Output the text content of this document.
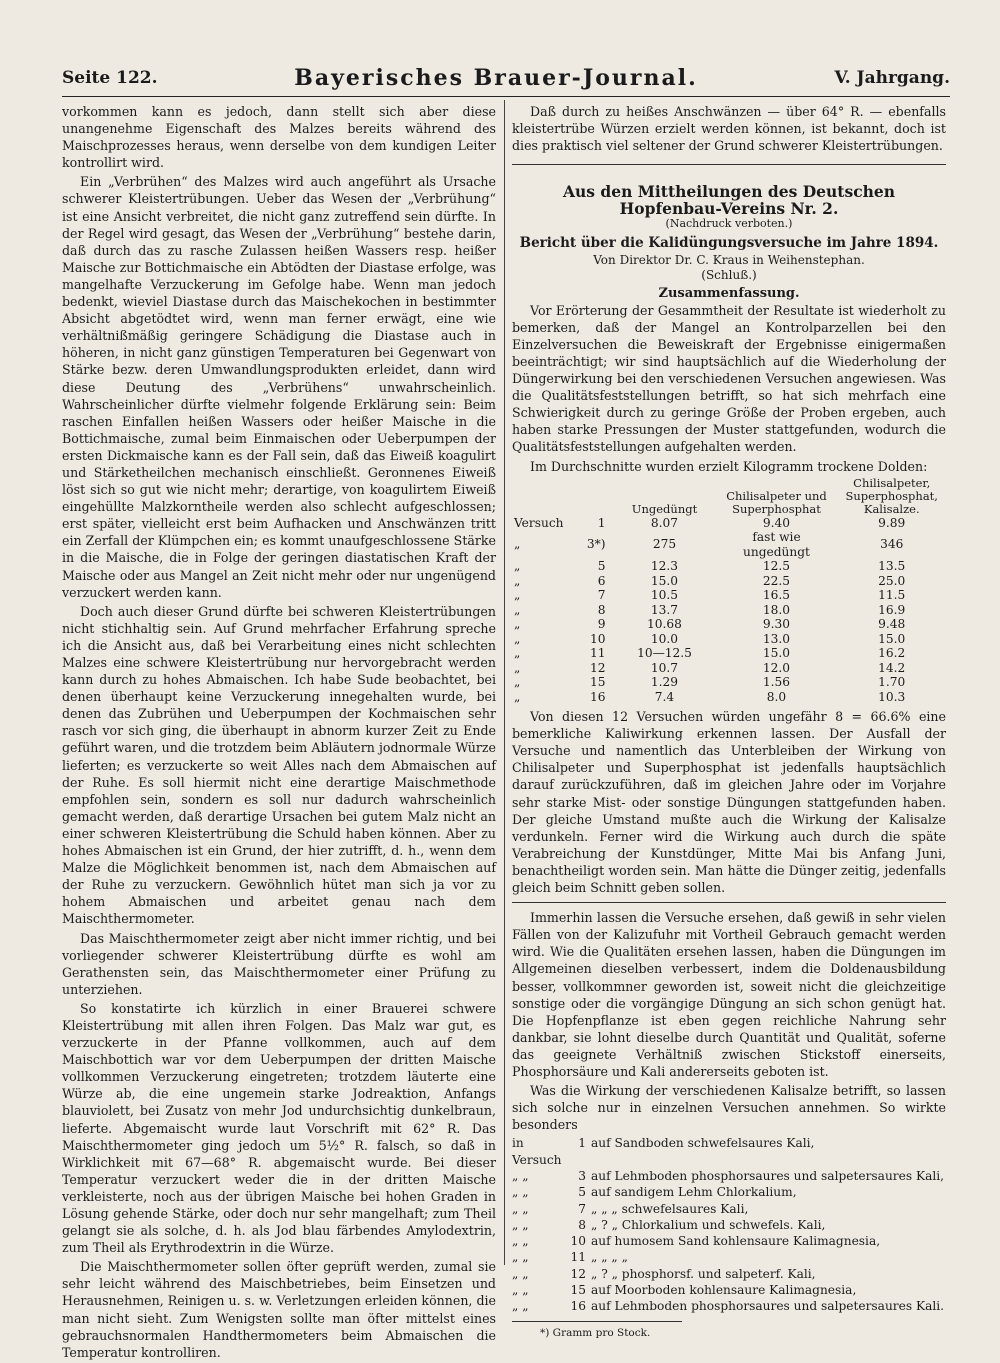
Seite 122.	Bayerisches Brauer-Journal.	V. Jahrgang.

vorkommen kann es jedoch, dann stellt sich aber diese unangenehme Eigenschaft des Malzes bereits während des Maischprozesses heraus, wenn derselbe von dem kundigen Leiter kontrollirt wird.

Ein „Verbrühen“ des Malzes wird auch angeführt als Ursache schwerer Kleistertrübungen. Ueber das Wesen der „Verbrühung“ ist eine Ansicht verbreitet, die nicht ganz zutreffend sein dürfte. In der Regel wird gesagt, das Wesen der „Verbrühung“ bestehe darin, daß durch das zu rasche Zulassen heißen Wassers resp. heißer Maische zur Bottichmaische ein Abtödten der Diastase erfolge, was mangelhafte Verzuckerung im Gefolge habe. Wenn man jedoch bedenkt, wieviel Diastase durch das Maischekochen in bestimmter Absicht abgetödtet wird, wenn man ferner erwägt, eine wie verhältnißmäßig geringere Schädigung die Diastase auch in höheren, in nicht ganz günstigen Temperaturen bei Gegenwart von Stärke bezw. deren Umwandlungsprodukten erleidet, dann wird diese Deutung des „Verbrühens“ unwahrscheinlich. Wahrscheinlicher dürfte vielmehr folgende Erklärung sein: Beim raschen Einfallen heißen Wassers oder heißer Maische in die Bottichmaische, zumal beim Einmaischen oder Ueberpumpen der ersten Dickmaische kann es der Fall sein, daß das Eiweiß koagulirt und Stärketheilchen mechanisch einschließt. Geronnenes Eiweiß löst sich so gut wie nicht mehr; derartige, von koagulirtem Eiweiß eingehüllte Malzkorntheile werden also schlecht aufgeschlossen; erst später, vielleicht erst beim Aufhacken und Anschwänzen tritt ein Zerfall der Klümpchen ein; es kommt unaufgeschlossene Stärke in die Maische, die in Folge der geringen diastatischen Kraft der Maische oder aus Mangel an Zeit nicht mehr oder nur ungenügend verzuckert werden kann.

Doch auch dieser Grund dürfte bei schweren Kleistertrübungen nicht stichhaltig sein. Auf Grund mehrfacher Erfahrung spreche ich die Ansicht aus, daß bei Verarbeitung eines nicht schlechten Malzes eine schwere Kleistertrübung nur hervorgebracht werden kann durch zu hohes Abmaischen. Ich habe Sude beobachtet, bei denen überhaupt keine Verzuckerung innegehalten wurde, bei denen das Zubrühen und Ueberpumpen der Kochmaischen sehr rasch vor sich ging, die überhaupt in abnorm kurzer Zeit zu Ende geführt waren, und die trotzdem beim Abläutern jodnormale Würze lieferten; es verzuckerte so weit Alles nach dem Abmaischen auf der Ruhe. Es soll hiermit nicht eine derartige Maischmethode empfohlen sein, sondern es soll nur dadurch wahrscheinlich gemacht werden, daß derartige Ursachen bei gutem Malz nicht an einer schweren Kleistertrübung die Schuld haben können. Aber zu hohes Abmaischen ist ein Grund, der hier zutrifft, d. h., wenn dem Malze die Möglichkeit benommen ist, nach dem Abmaischen auf der Ruhe zu verzuckern. Gewöhnlich hütet man sich ja vor zu hohem Abmaischen und arbeitet genau nach dem Maischthermometer.

Das Maischthermometer zeigt aber nicht immer richtig, und bei vorliegender schwerer Kleistertrübung dürfte es wohl am Gerathensten sein, das Maischthermometer einer Prüfung zu unterziehen.

So konstatirte ich kürzlich in einer Brauerei schwere Kleistertrübung mit allen ihren Folgen. Das Malz war gut, es verzuckerte in der Pfanne vollkommen, auch auf dem Maischbottich war vor dem Ueberpumpen der dritten Maische vollkommen Verzuckerung eingetreten; trotzdem läuterte eine Würze ab, die eine ungemein starke Jodreaktion, Anfangs blauviolett, bei Zusatz von mehr Jod undurchsichtig dunkelbraun, lieferte. Abgemaischt wurde laut Vorschrift mit 62° R. Das Maischthermometer ging jedoch um 5½° R. falsch, so daß in Wirklichkeit mit 67—68° R. abgemaischt wurde. Bei dieser Temperatur verzuckert weder die in der dritten Maische verkleisterte, noch aus der übrigen Maische bei hohen Graden in Lösung gehende Stärke, oder doch nur sehr mangelhaft; zum Theil gelangt sie als solche, d. h. als Jod blau färbendes Amylodextrin, zum Theil als Erythrodextrin in die Würze.

Die Maischthermometer sollen öfter geprüft werden, zumal sie sehr leicht während des Maischbetriebes, beim Einsetzen und Herausnehmen, Reinigen u. s. w. Verletzungen erleiden können, die man nicht sieht. Zum Wenigsten sollte man öfter mittelst eines gebrauchsnormalen Handthermometers beim Abmaischen die Temperatur kontrolliren.

Daß durch zu heißes Anschwänzen — über 64° R. — ebenfalls kleistertrübe Würzen erzielt werden können, ist bekannt, doch ist dies praktisch viel seltener der Grund schwerer Kleistertrübungen.

Aus den Mittheilungen des Deutschen Hopfenbau-Vereins Nr. 2.
(Nachdruck verboten.)
Bericht über die Kalidüngungsversuche im Jahre 1894.
Von Direktor Dr. C. Kraus in Weihenstephan.
(Schluß.)
Zusammenfassung.

Vor Erörterung der Gesammtheit der Resultate ist wiederholt zu bemerken, daß der Mangel an Kontrolparzellen bei den Einzelversuchen die Beweiskraft der Ergebnisse einigermaßen beeinträchtigt; wir sind hauptsächlich auf die Wiederholung der Düngerwirkung bei den verschiedenen Versuchen angewiesen. Was die Qualitätsfeststellungen betrifft, so hat sich mehrfach eine Schwierigkeit durch zu geringe Größe der Proben ergeben, auch haben starke Pressungen der Muster stattgefunden, wodurch die Qualitätsfeststellungen aufgehalten werden.

Im Durchschnitte wurden erzielt Kilogramm trockene Dolden:

		Ungedüngt	Chilisalpeter und Superphosphat	Chilisalpeter, Superphosphat, Kalisalze.
Versuch	1	8.07	9.40	9.89
„	3*)	275	fast wie ungedüngt	346
„	5	12.3	12.5	13.5
„	6	15.0	22.5	25.0
„	7	10.5	16.5	11.5
„	8	13.7	18.0	16.9
„	9	10.68	9.30	9.48
„	10	10.0	13.0	15.0
„	11	10—12.5	15.0	16.2
„	12	10.7	12.0	14.2
„	15	1.29	1.56	1.70
„	16	7.4	8.0	10.3

Von diesen 12 Versuchen würden ungefähr 8 = 66.6% eine bemerkliche Kaliwirkung erkennen lassen. Der Ausfall der Versuche und namentlich das Unterbleiben der Wirkung von Chilisalpeter und Superphosphat ist jedenfalls hauptsächlich darauf zurückzuführen, daß im gleichen Jahre oder im Vorjahre sehr starke Mist- oder sonstige Düngungen stattgefunden haben. Der gleiche Umstand mußte auch die Wirkung der Kalisalze verdunkeln. Ferner wird die Wirkung auch durch die späte Verabreichung der Kunstdünger, Mitte Mai bis Anfang Juni, benachtheiligt worden sein. Man hätte die Dünger zeitig, jedenfalls gleich beim Schnitt geben sollen.

Immerhin lassen die Versuche ersehen, daß gewiß in sehr vielen Fällen von der Kalizufuhr mit Vortheil Gebrauch gemacht werden wird. Wie die Qualitäten ersehen lassen, haben die Düngungen im Allgemeinen dieselben verbessert, indem die Doldenausbildung besser, vollkommner geworden ist, soweit nicht die gleichzeitige sonstige oder die vorgängige Düngung an sich schon genügt hat. Die Hopfenpflanze ist eben gegen reichliche Nahrung sehr dankbar, sie lohnt dieselbe durch Quantität und Qualität, soferne das geeignete Verhältniß zwischen Stickstoff einerseits, Phosphorsäure und Kali andererseits geboten ist.

Was die Wirkung der verschiedenen Kalisalze betrifft, so lassen sich solche nur in einzelnen Versuchen annehmen. So wirkte besonders

in Versuch
1 auf Sandboden schwefelsaures Kali,
„ „	3 auf Lehmboden phosphorsaures und salpetersaures Kali,
„ „	5 auf sandigem Lehm Chlorkalium,
„ „	7 „ „ „ schwefelsaures Kali,
„ „	8 „ ? „ Chlorkalium und schwefels. Kali,
„ „	10 auf humosem Sand kohlensaure Kalimagnesia,
„ „	11 „ „ „ „
„ „	12 „ ? „ phosphorsf. und salpeterf. Kali,
„ „	15 auf Moorboden kohlensaure Kalimagnesia,
„ „	16 auf Lehmboden phosphorsaures und salpetersaures Kali.
*) Gramm pro Stock.
